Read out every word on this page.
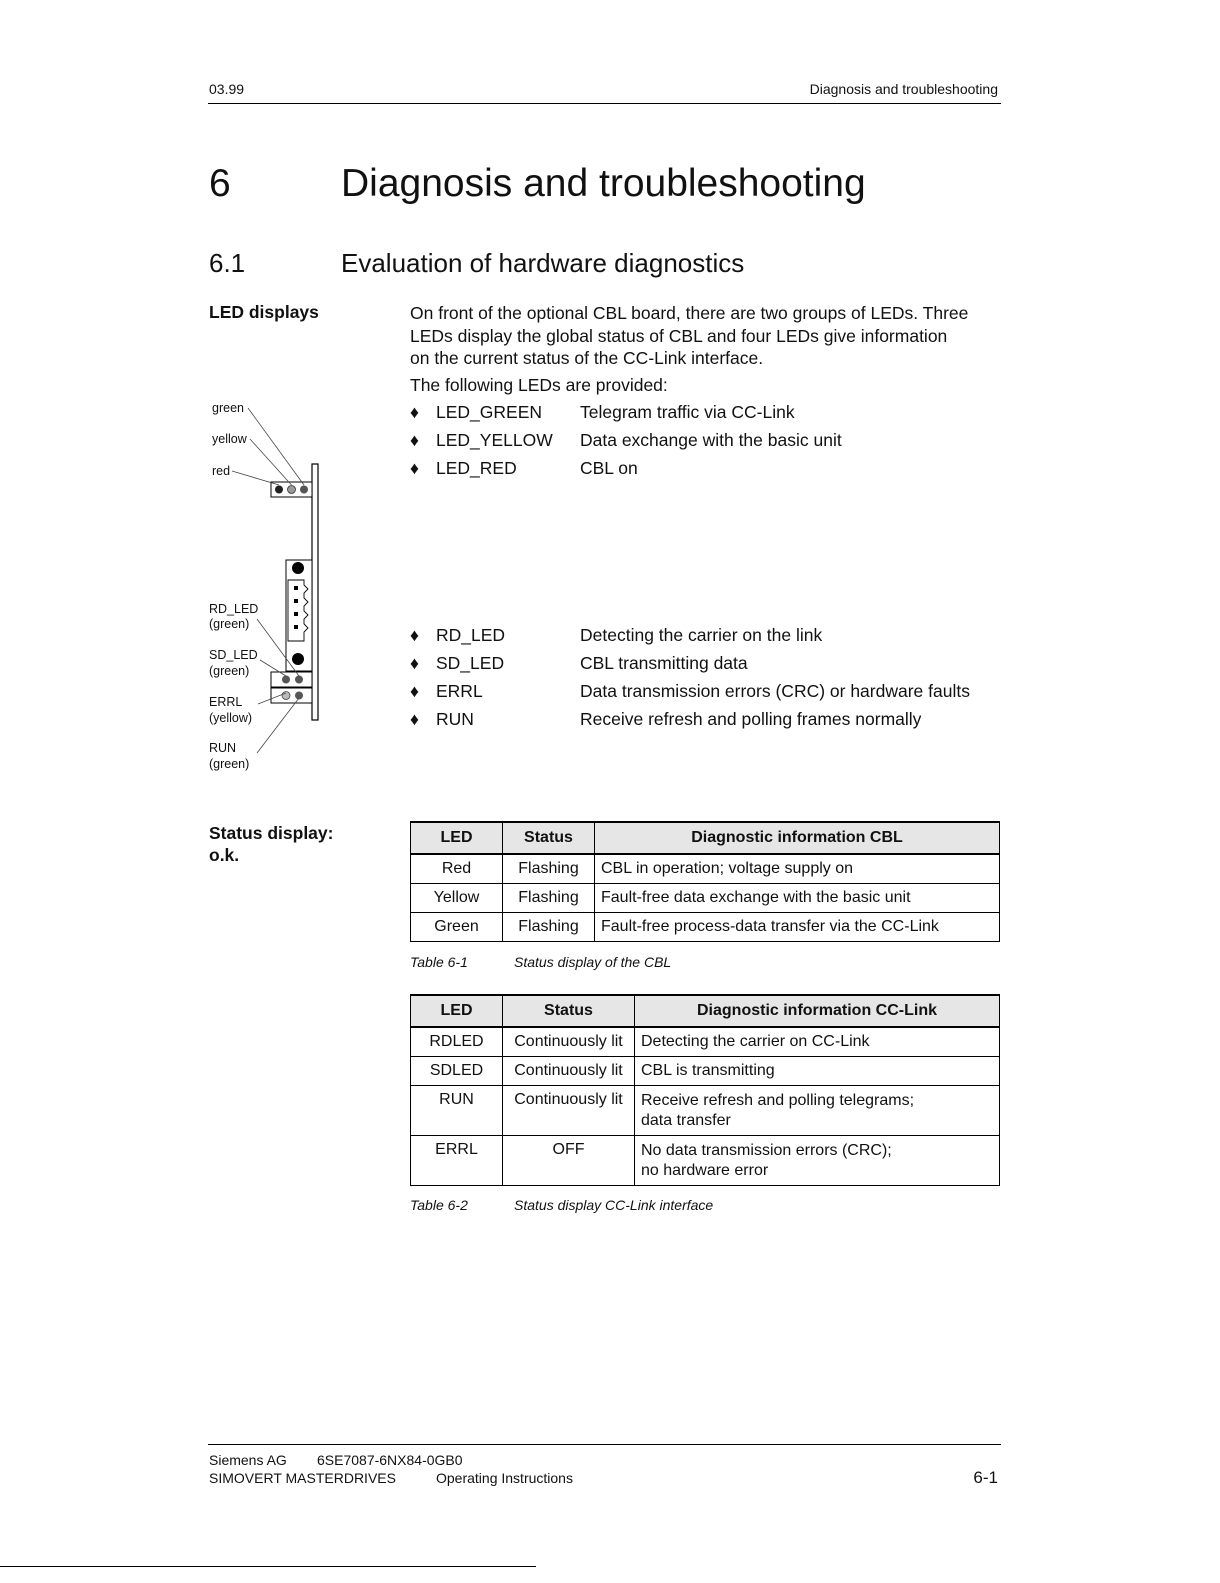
03.99	Diagnosis and troubleshooting
6	Diagnosis and troubleshooting
6.1	Evaluation of hardware diagnostics
LED displays	On front of the optional CBL board, there are two groups of LEDs. Three LEDs display the global status of CBL and four LEDs give information on the current status of the CC-Link interface.
The following LEDs are provided:
♦ LED_GREEN Telegram traffic via CC-Link
♦ LED_YELLOW Data exchange with the basic unit
♦ LED_RED	CBL on
♦ RD_LED	Detecting the carrier on the link
♦ SD_LED	CBL transmitting data
♦ ERRL	Data transmission errors (CRC) or hardware faults
♦ RUN	Receive refresh and polling frames normally
green
yellow
red
RD_LED
(green)
SD_LED
(green)
ERRL
(yellow)
RUN
(green)
Status display:
o.k.
LED	Status	Diagnostic information CBL
Red	Flashing	CBL in operation; voltage supply on
Yellow	Flashing	Fault-free data exchange with the basic unit
Green	Flashing	Fault-free process-data transfer via the CC-Link
Table 6-1	Status display of the CBL
LED	Status	Diagnostic information CC-Link
RDLED	Continuously lit	Detecting the carrier on CC-Link
SDLED	Continuously lit	CBL is transmitting
RUN	Continuously lit	Receive refresh and polling telegrams;
data transfer

ERRL	OFF	No data transmission errors (CRC);
no hardware error
Table 6-2	Status display CC-Link interface
Siemens AG 6SE7087-6NX84-0GB0
SIMOVERT MASTERDRIVES	Operating Instructions	6-1
